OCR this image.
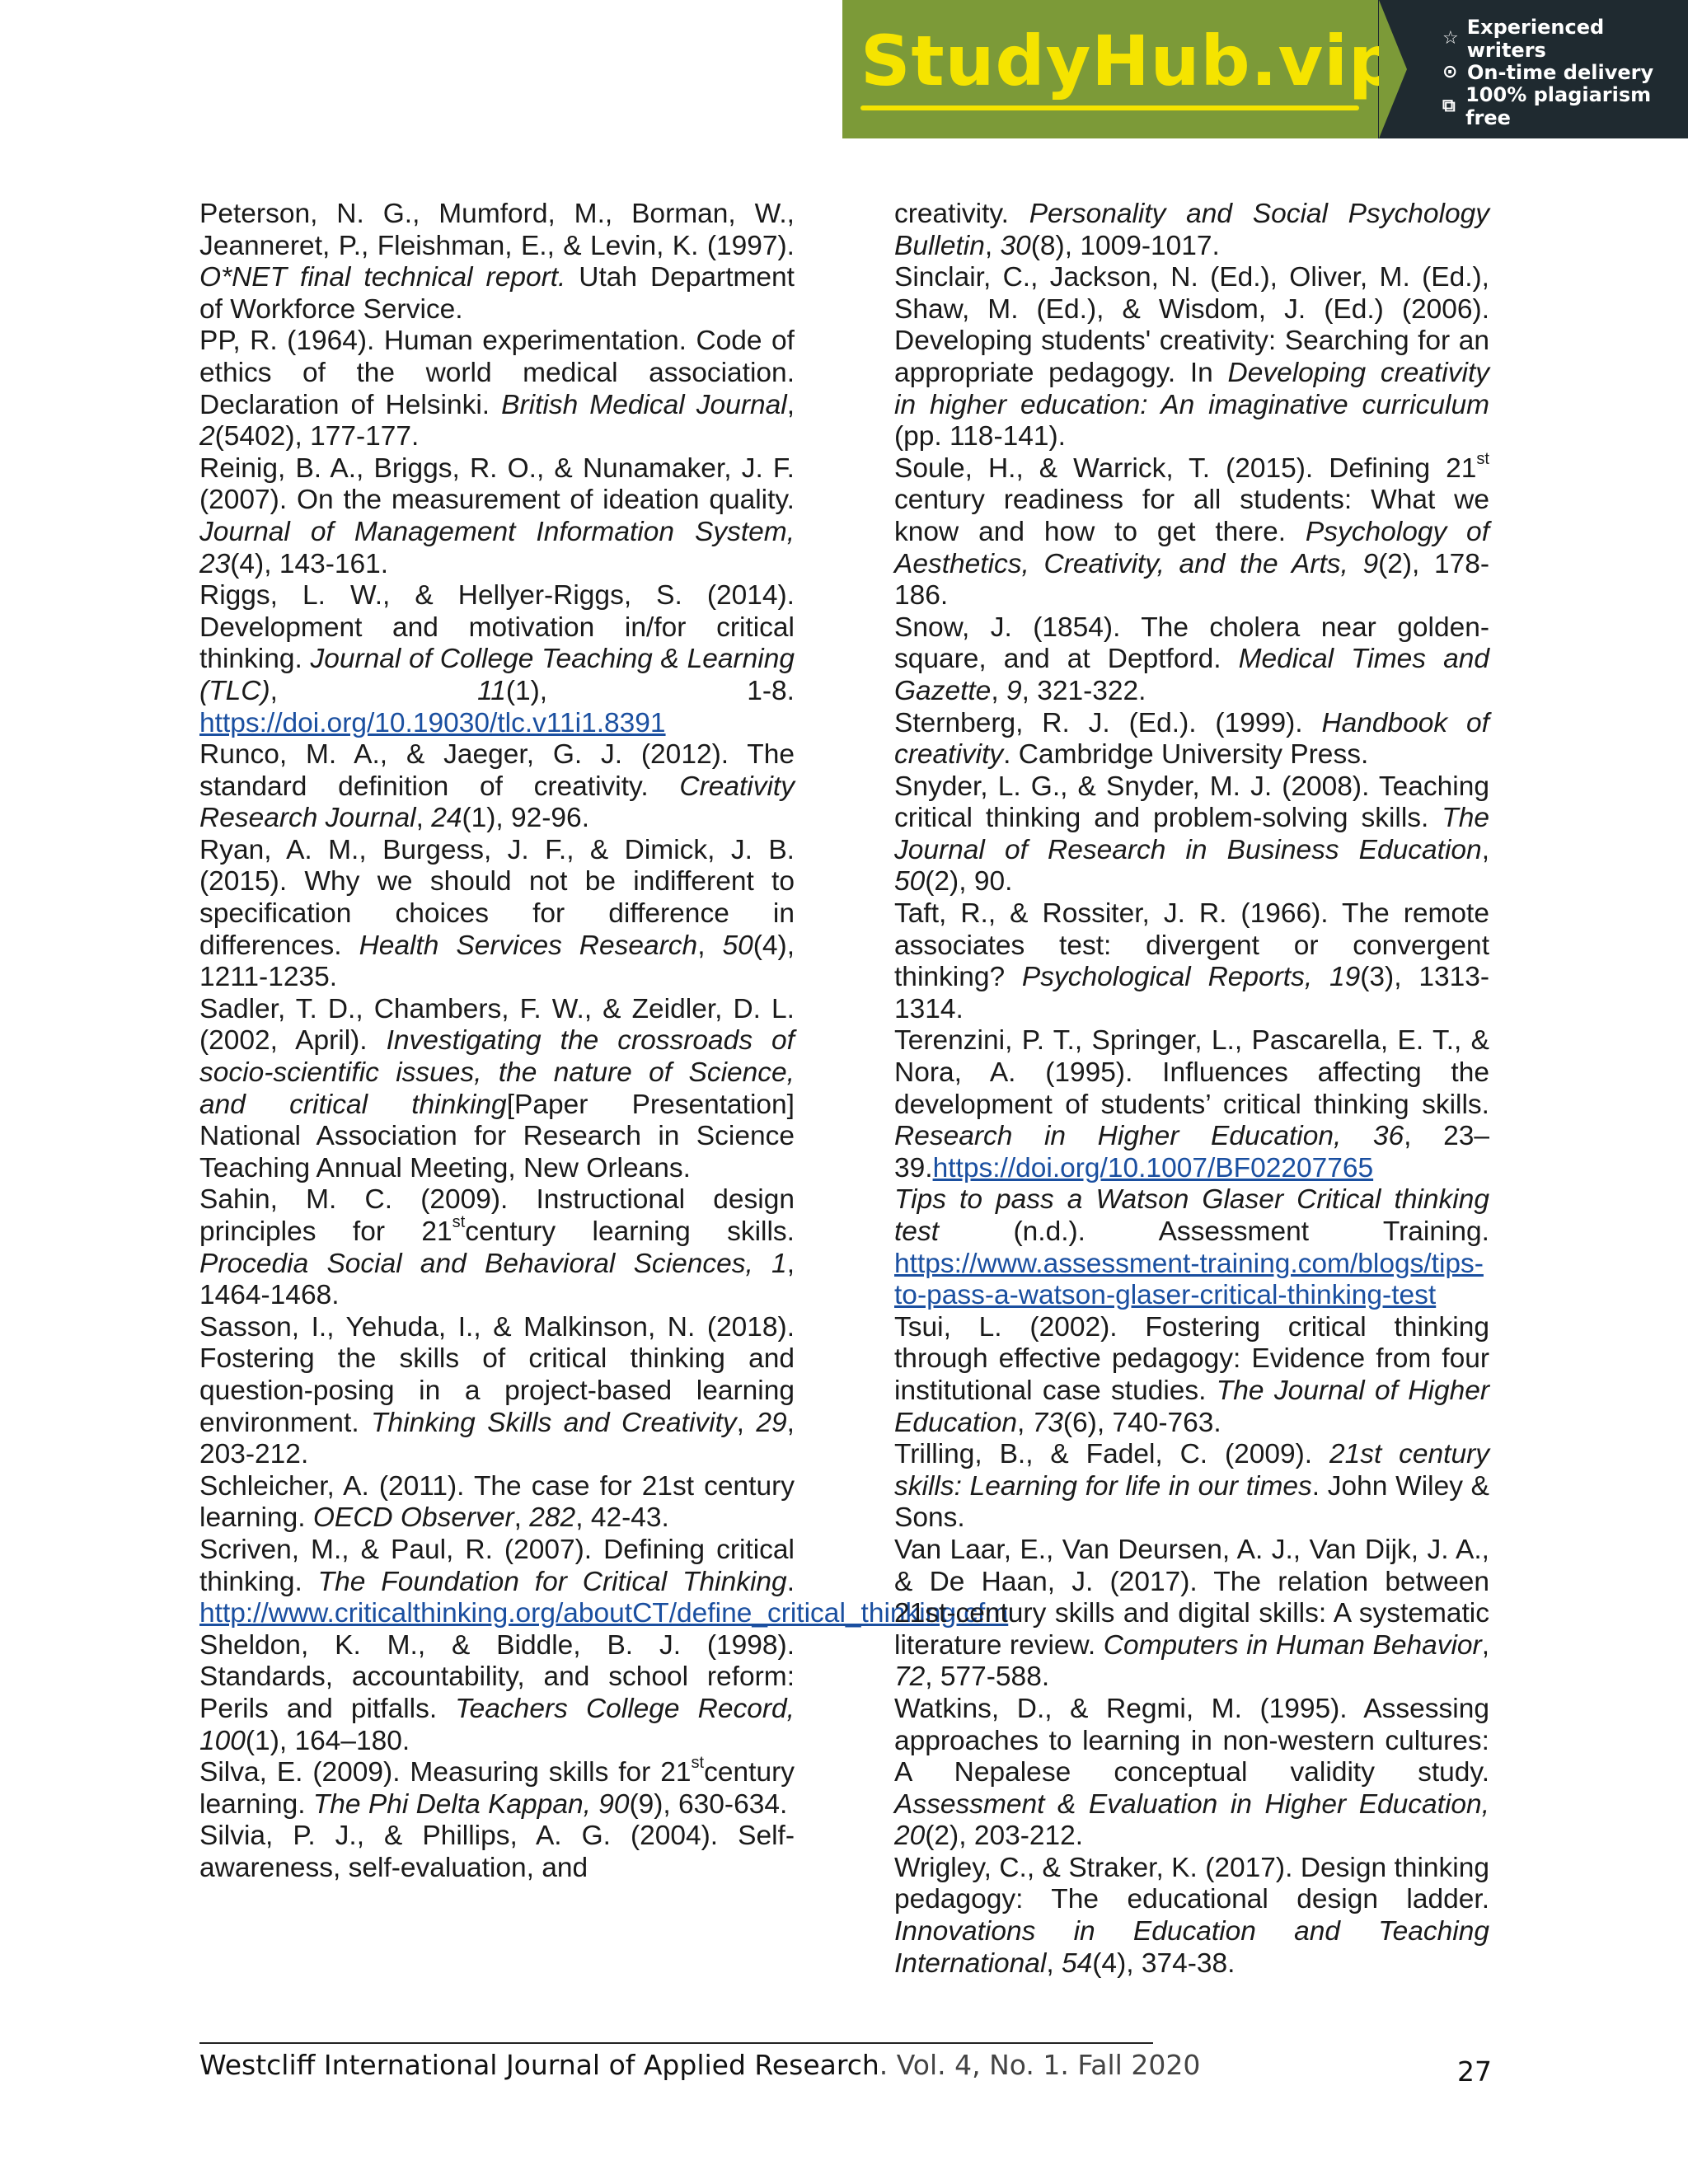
StudyHub.vip ☆ Experienced writers
⊙ On-time delivery
⧉ 100% plagiarism free

Peterson, N. G., Mumford, M., Borman, W., Jeanneret, P., Fleishman, E., & Levin, K. (1997). O*NET final technical report. Utah Department of Workforce Service.

PP, R. (1964). Human experimentation. Code of ethics of the world medical association. Declaration of Helsinki. British Medical Journal, 2(5402), 177-177.

Reinig, B. A., Briggs, R. O., & Nunamaker, J. F. (2007). On the measurement of ideation quality. Journal of Management Information System, 23(4), 143-161.

Riggs, L. W., & Hellyer-Riggs, S. (2014). Development and motivation in/for critical thinking. Journal of College Teaching & Learning (TLC), 11(1), 1-8. https://doi.org/10.19030/tlc.v11i1.8391

Runco, M. A., & Jaeger, G. J. (2012). The standard definition of creativity. Creativity Research Journal, 24(1), 92-96.

Ryan, A. M., Burgess, J. F., & Dimick, J. B. (2015). Why we should not be indifferent to specification choices for difference in differences. Health Services Research, 50(4), 1211-1235.

Sadler, T. D., Chambers, F. W., & Zeidler, D. L. (2002, April). Investigating the crossroads of socio-scientific issues, the nature of Science, and critical thinking[Paper Presentation] National Association for Research in Science Teaching Annual Meeting, New Orleans.

Sahin, M. C. (2009). Instructional design principles for 21stcentury learning skills. Procedia Social and Behavioral Sciences, 1, 1464-1468.

Sasson, I., Yehuda, I., & Malkinson, N. (2018). Fostering the skills of critical thinking and question-posing in a project-based learning environment. Thinking Skills and Creativity, 29, 203-212.

Schleicher, A. (2011). The case for 21st century learning. OECD Observer, 282, 42-43.

Scriven, M., & Paul, R. (2007). Defining critical thinking. The Foundation for Critical Thinking. http://www.criticalthinking.org/aboutCT/define_critical_thinking.cfm

Sheldon, K. M., & Biddle, B. J. (1998). Standards, accountability, and school reform: Perils and pitfalls. Teachers College Record, 100(1), 164–180.

Silva, E. (2009). Measuring skills for 21stcentury learning. The Phi Delta Kappan, 90(9), 630-634.

Silvia, P. J., & Phillips, A. G. (2004). Self-awareness, self-evaluation, and

creativity. Personality and Social Psychology Bulletin, 30(8), 1009-1017.

Sinclair, C., Jackson, N. (Ed.), Oliver, M. (Ed.), Shaw, M. (Ed.), & Wisdom, J. (Ed.) (2006). Developing students' creativity: Searching for an appropriate pedagogy. In Developing creativity in higher education: An imaginative curriculum (pp. 118-141).

Soule, H., & Warrick, T. (2015). Defining 21st century readiness for all students: What we know and how to get there. Psychology of Aesthetics, Creativity, and the Arts, 9(2), 178-186.

Snow, J. (1854). The cholera near golden-square, and at Deptford. Medical Times and Gazette, 9, 321-322.

Sternberg, R. J. (Ed.). (1999). Handbook of creativity. Cambridge University Press.

Snyder, L. G., & Snyder, M. J. (2008). Teaching critical thinking and problem-solving skills. The Journal of Research in Business Education, 50(2), 90.

Taft, R., & Rossiter, J. R. (1966). The remote associates test: divergent or convergent thinking? Psychological Reports, 19(3), 1313-1314.

Terenzini, P. T., Springer, L., Pascarella, E. T., & Nora, A. (1995). Influences affecting the development of students’ critical thinking skills. Research in Higher Education, 36, 23–39.https://doi.org/10.1007/BF02207765

Tips to pass a Watson Glaser Critical thinking test (n.d.). Assessment Training. https://www.assessment-training.com/blogs/tips-to-pass-a-watson-glaser-critical-thinking-test

Tsui, L. (2002). Fostering critical thinking through effective pedagogy: Evidence from four institutional case studies. The Journal of Higher Education, 73(6), 740-763.

Trilling, B., & Fadel, C. (2009). 21st century skills: Learning for life in our times. John Wiley & Sons.

Van Laar, E., Van Deursen, A. J., Van Dijk, J. A., & De Haan, J. (2017). The relation between 21st-century skills and digital skills: A systematic literature review. Computers in Human Behavior, 72, 577-588.

Watkins, D., & Regmi, M. (1995). Assessing approaches to learning in non-western cultures: A Nepalese conceptual validity study. Assessment & Evaluation in Higher Education, 20(2), 203-212.

Wrigley, C., & Straker, K. (2017). Design thinking pedagogy: The educational design ladder. Innovations in Education and Teaching International, 54(4), 374-38.

Westcliff International Journal of Applied Research. Vol. 4, No. 1. Fall 2020	27
